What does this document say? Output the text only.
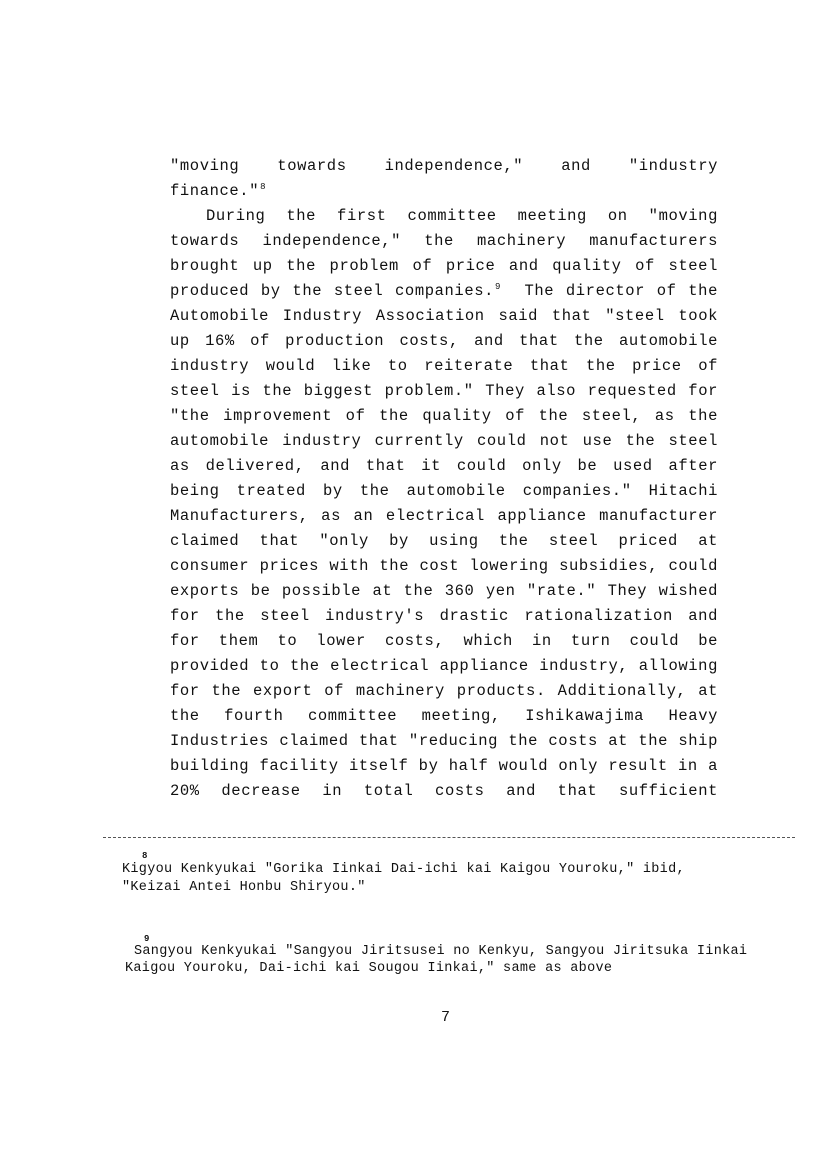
"moving towards independence," and "industry
finance."$^8$
During the first committee meeting on "moving
towards independence," the machinery manufacturers
brought up the problem of price and quality of steel
produced by the steel companies.$^9$ The director of the
Automobile Industry Association said that "steel took
up 16% of production costs, and that the automobile
industry would like to reiterate that the price of
steel is the biggest problem." They also requested for
"the improvement of the quality of the steel, as the
automobile industry currently could not use the steel
as delivered, and that it could only be used after
being treated by the automobile companies." Hitachi
Manufacturers, as an electrical appliance manufacturer
claimed that "only by using the steel priced at
consumer prices with the cost lowering subsidies, could
exports be possible at the 360 yen "rate." They wished
for the steel industry's drastic rationalization and
for them to lower costs, which in turn could be
provided to the electrical appliance industry, allowing
for the export of machinery products. Additionally, at
the fourth committee meeting, Ishikawajima Heavy
Industries claimed that "reducing the costs at the ship
building facility itself by half would only result in a
20% decrease in total costs and that sufficient
8
Kigyou Kenkyukai "Gorika Iinkai Dai-ichi kai Kaigou Youroku," ibid,
"Keizai Antei Honbu Shiryou."
9
Sangyou Kenkyukai "Sangyou Jiritsusei no Kenkyu, Sangyou Jiritsuka Iinkai
Kaigou Youroku, Dai-ichi kai Sougou Iinkai," same as above
7
